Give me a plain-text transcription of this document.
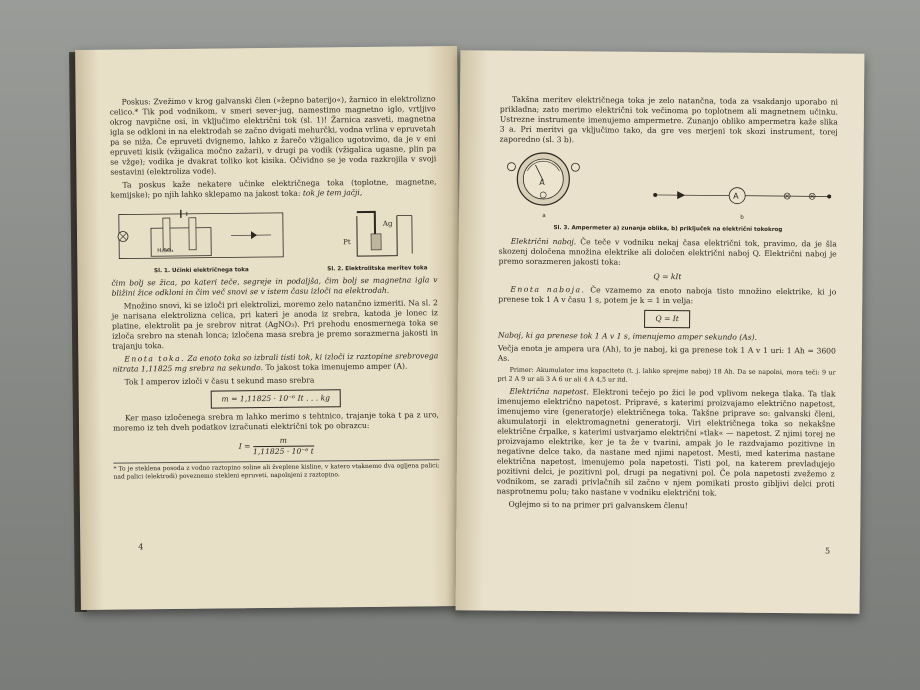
Poskus: Zvežimo v krog galvanski člen (»žepno baterijo«), žarnico in elektrolizno celico.* Tik pod vodnikom, v smeri sever-jug, namestimo magnetno iglo, vrtljivo okrog navpične osi, in vključimo električni tok (sl. 1)! Žarnica zasveti, magnetna igla se odkloni in na elektrodah se začno dvigati mehurčki, vodna vrlina v epruvetah pa se niža. Če epruveti dvignemo, lahko z žarečo vžigalico ugotovimo, da je v eni epruveti kisik (vžigalica močno zažari), v drugi pa vodik (vžigalica ugasne, plin pa se vžge); vodika je dvakrat toliko kot kisika. Očividno se je voda razkrojila v svoji sestavini (elektroliza vode).

Ta poskus kaže nekatere učinke električnega toka (toplotne, magnetne, kemijske); po njih lahko sklepamo na jakost toka: tok je tem jačji,

H₂SO₄
Sl. 1. Učinki električnega toka
Ag
Pt
Sl. 2. Elektrolitska meritev toka

čim bolj se žica, po kateri teče, segreje in podaljša, čim bolj se magnetna igla v bližini žice odkloni in čim več snovi se v istem času izloči na elektrodah.

Množino snovi, ki se izloči pri elektrolizi, moremo zelo natančno izmeriti. Na sl. 2 je narisana elektrolizna celica, pri kateri je anoda iz srebra, katoda je lonec iz platine, elektrolit pa je srebrov nitrat (AgNO₃). Pri prehodu enosmernega toka se izloča srebro na stenah lonca; izločena masa srebra je premo sorazmerna jakosti in trajanju toka.

Enota toka. Za enoto toka so izbrali tisti tok, ki izloči iz raztopine srebrovega nitrata 1,11825 mg srebra na sekundo. To jakost toka imenujemo amper (A).

Tok I amperov izloči v času t sekund maso srebra

m = 1,11825 · 10⁻⁶ It . . . kg

Ker maso izločenega srebra m lahko merimo s tehtnico, trajanje toka t pa z uro, moremo iz teh dveh podatkov izračunati električni tok po obrazcu:

$I = \frac{m}{\text{1,11825 · 10⁻⁶ t}}$
* To je steklena posoda z vodno raztopino soline ali žveplene kisline, v katero vtaknemo dva ogljena palici; nad palici (elektrodi) poveznemo stekleni epruveti, napolnjeni z raztopino.
4

Takšna meritev električnega toka je zelo natančna, toda za vsakdanjo uporabo ni prikladna; zato merimo električni tok večinoma po toplotnem ali magnetnem učinku. Ustrezne instrumente imenujemo ampermetre. Zunanjo obliko ampermetra kaže slika 3 a. Pri meritvi ga vključimo tako, da gre ves merjeni tok skozi instrument, torej zaporedno (sl. 3 b).

A
a
A
b
Sl. 3. Ampermeter a) zunanja oblika, b) priključek na električni tokokrog

Električni naboj. Če teče v vodniku nekaj časa električni tok, pravimo, da je šla skozenj določena množina elektrike ali določen električni naboj Q. Električni naboj je premo sorazmeren jakosti toka:

Q = kIt

Enota naboja. Če vzamemo za enoto naboja tisto množino elektrike, ki jo prenese tok 1 A v času 1 s, potem je k = 1 in velja:

Q = It

Naboj, ki ga prenese tok 1 A v 1 s, imenujemo amper sekundo (As).

Večja enota je ampera ura (Ah), to je naboj, ki ga prenese tok 1 A v 1 uri: 1 Ah = 3600 As.

Primer: Akumulator ima kapaciteto (t. j. lahko sprejme naboj) 18 Ah. Da se napolni, mora teči: 9 ur pri 2 A 9 ur ali 3 A 6 ur ali 4 A 4,5 ur itd.

Električna napetost. Elektroni tečejo po žici le pod vplivom nekega tlaka. Ta tlak imenujemo električno napetost. Pripravé, s katerimi proizvajamo električno napetost, imenujemo vire (generatorje) električnega toka. Takšne priprave so: galvanski členi, akumulatorji in elektromagnetni generatorji. Viri električnega toka so nekakšne električne črpalke, s katerimi ustvarjamo električni »tlak« — napetost. Z njimi torej ne proizvajamo elektrike, ker je ta že v tvarini, ampak jo le razdvajamo pozitivne in negativne delce tako, da nastane med njimi napetost. Mesti, med katerima nastane električna napetost, imenujemo pola napetosti. Tisti pol, na katerem prevladujejo pozitivni delci, je pozitivni pol, drugi pa negativni pol. Če pola napetosti zvežemo z vodnikom, se zaradi privlačnih sil začno v njem pomikati prosto gibljivi delci proti nasprotnemu polu; tako nastane v vodniku električni tok.

Oglejmo si to na primer pri galvanskem členu!

5
